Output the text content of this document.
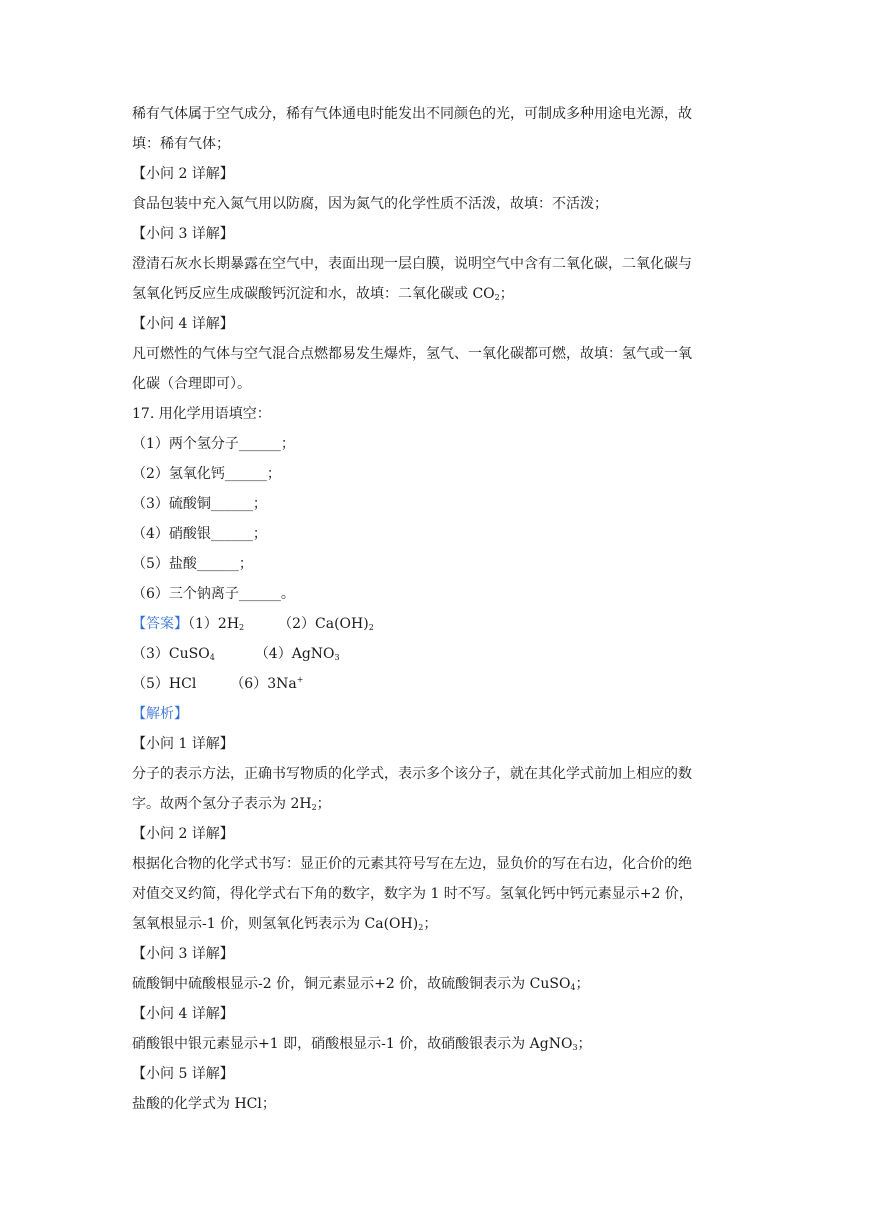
稀有气体属于空气成分，稀有气体通电时能发出不同颜色的光，可制成多种用途电光源，故
填：稀有气体；
【小问 2 详解】
食品包装中充入氮气用以防腐，因为氮气的化学性质不活泼，故填：不活泼；
【小问 3 详解】
澄清石灰水长期暴露在空气中，表面出现一层白膜，说明空气中含有二氧化碳，二氧化碳与
氢氧化钙反应生成碳酸钙沉淀和水，故填：二氧化碳或 $CO_2$；
【小问 4 详解】
凡可燃性的气体与空气混合点燃都易发生爆炸，氢气、一氧化碳都可燃，故填：氢气或一氧
化碳（合理即可）。
17. 用化学用语填空：
（1）两个氢分子______；
（2）氢氧化钙______；
（3）硫酸铜______；
（4）硝酸银______；
（5）盐酸______；
（6）三个钠离子______。
【答案】$(1)2H_2$ $(2)Ca(OH)_2$
（3）CuSO$_4$	（4）AgNO$_3$
（5）HCl （6）3Na+
【解析】
【小问 1 详解】
分子的表示方法，正确书写物质的化学式，表示多个该分子，就在其化学式前加上相应的数
字。故两个氢分子表示为 $2H_2$；
【小问 2 详解】
根据化合物的化学式书写：显正价的元素其符号写在左边，显负价的写在右边，化合价的绝
对值交叉约简，得化学式右下角的数字，数字为 1 时不写。氢氧化钙中钙元素显示+2 价，
氢氧根显示-1 价，则氢氧化钙表示为 $Ca(OH)_2$；
【小问 3 详解】
硫酸铜中硫酸根显示-2 价，铜元素显示+2 价，故硫酸铜表示为 CuSO$_4$；
【小问 4 详解】
硝酸银中银元素显示+1 即，硝酸根显示-1 价，故硝酸银表示为 AgNO$_3$；
【小问 5 详解】
盐酸的化学式为 HCl；
